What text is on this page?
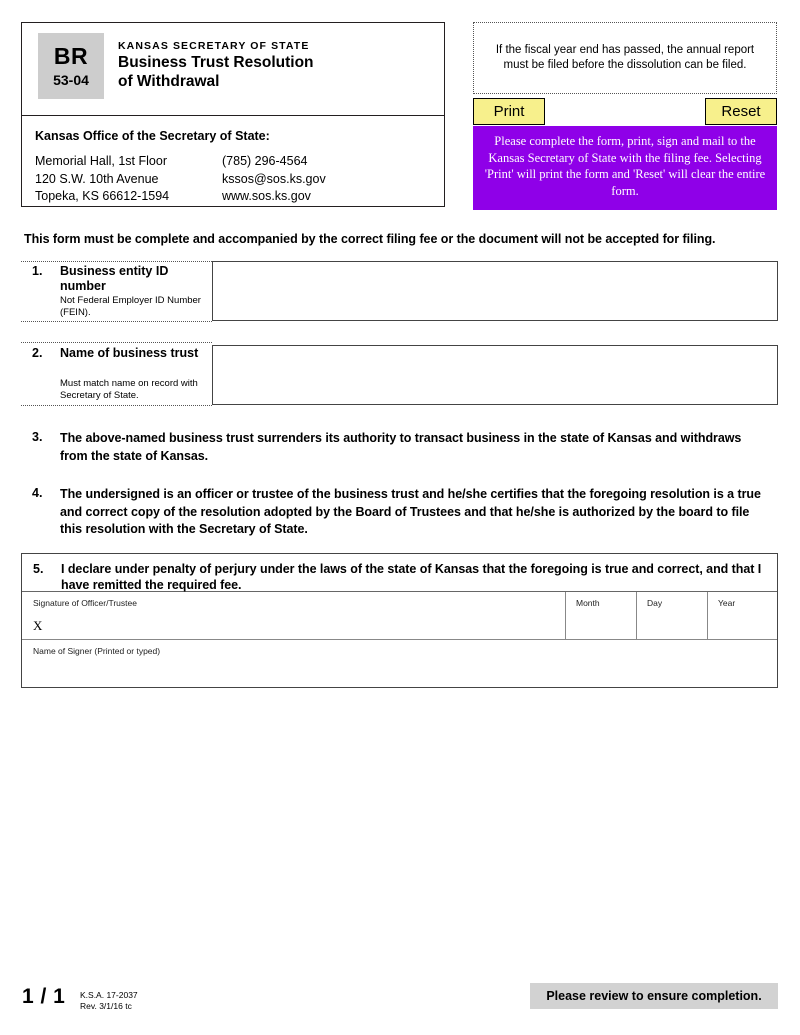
BR
53-04
KANSAS SECRETARY OF STATE
Business Trust Resolution
of Withdrawal
Kansas Office of the Secretary of State:
Memorial Hall, 1st Floor
120 S.W. 10th Avenue
Topeka, KS 66612-1594
(785) 296-4564
kssos@sos.ks.gov
www.sos.ks.gov
If the fiscal year end has passed, the annual report must be filed before the dissolution can be filed.
Print	Reset
Please complete the form, print, sign and mail to the Kansas Secretary of State with the filing fee. Selecting 'Print' will print the form and 'Reset' will clear the entire form.
This form must be complete and accompanied by the correct filing fee or the document will not be accepted for filing.
1. Business entity ID number
Not Federal Employer ID Number (FEIN).
2. Name of business trust
Must match name on record with Secretary of State.
3. The above-named business trust surrenders its authority to transact business in the state of Kansas and withdraws from the state of Kansas.
4. The undersigned is an officer or trustee of the business trust and he/she certifies that the foregoing resolution is a true and correct copy of the resolution adopted by the Board of Trustees and that he/she is authorized by the board to file this resolution with the Secretary of State.
5. I declare under penalty of perjury under the laws of the state of Kansas that the foregoing is true and correct, and that I have remitted the required fee.
Signature of Officer/Trustee	Month	Day	Year
X
Name of Signer (Printed or typed)
1 / 1 K.S.A. 17-2037
Rev. 3/1/16 tc
Please review to ensure completion.
